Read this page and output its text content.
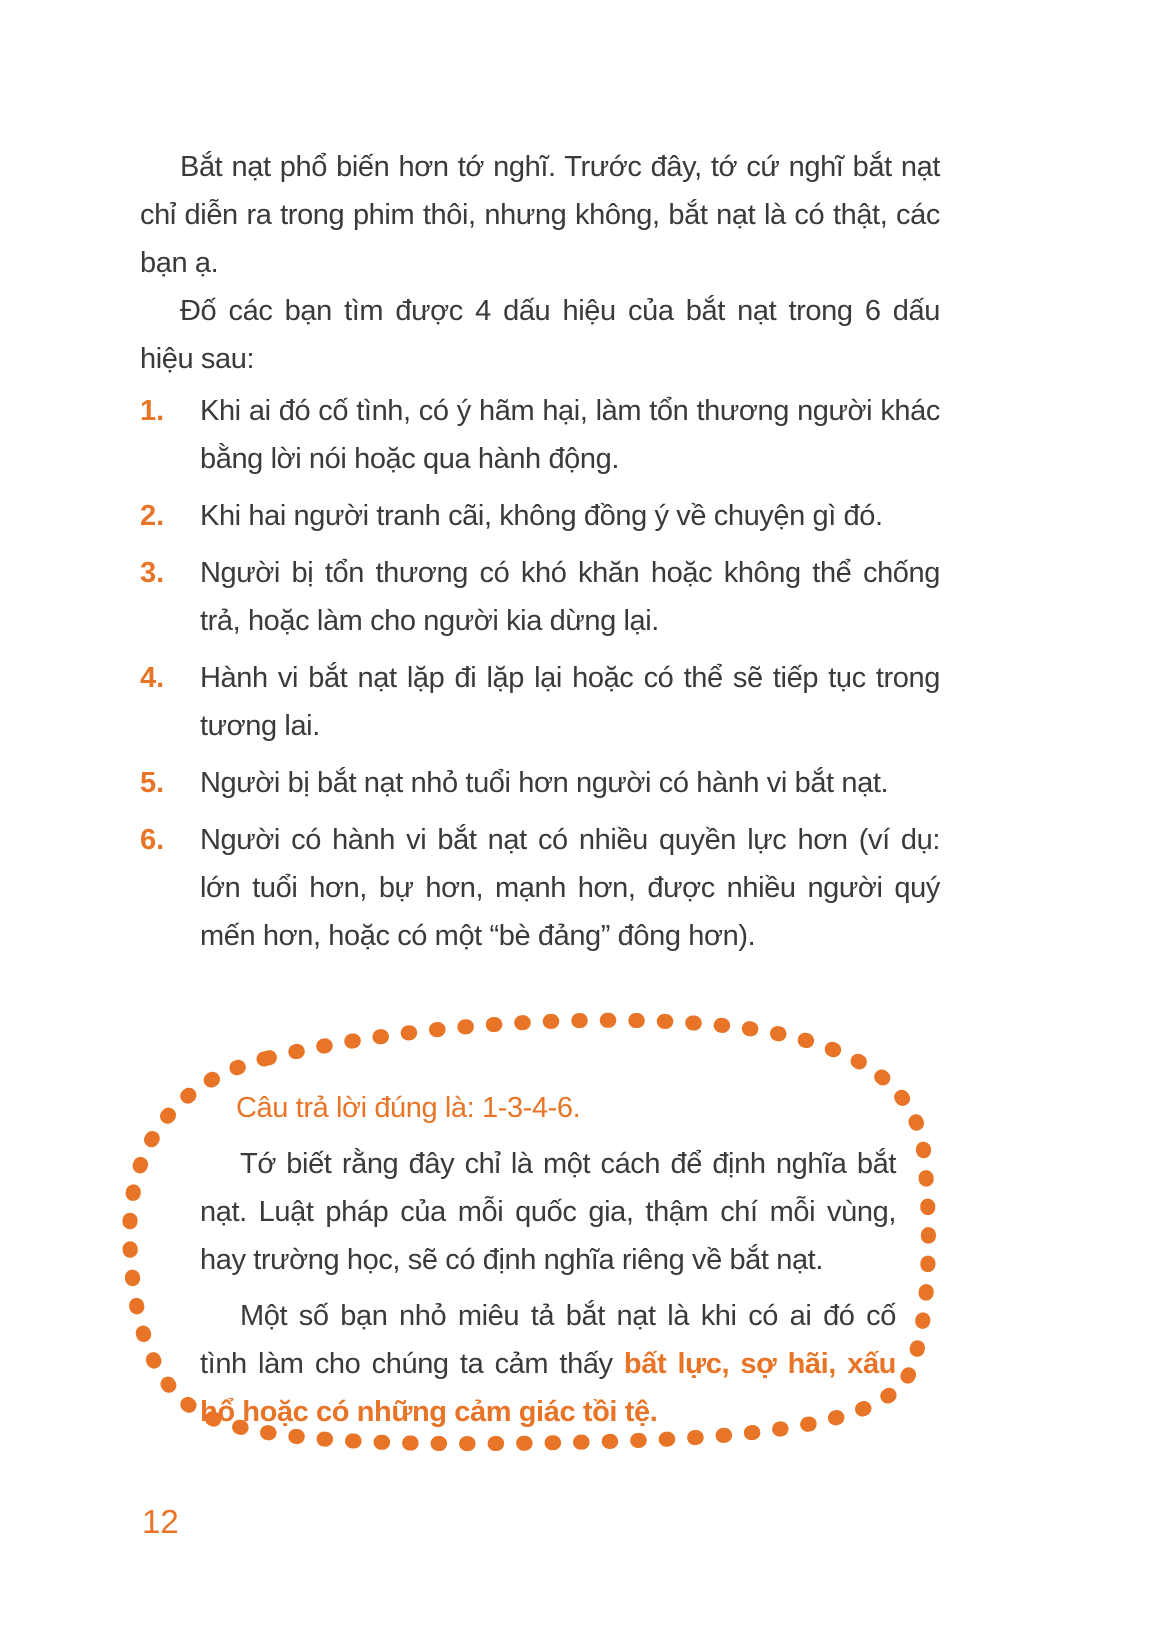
Bắt nạt phổ biến hơn tớ nghĩ. Trước đây, tớ cứ nghĩ bắt nạt chỉ diễn ra trong phim thôi, nhưng không, bắt nạt là có thật, các bạn ạ.

Đố các bạn tìm được 4 dấu hiệu của bắt nạt trong 6 dấu hiệu sau:

1. Khi ai đó cố tình, có ý hãm hại, làm tổn thương người khác bằng lời nói hoặc qua hành động.
2. Khi hai người tranh cãi, không đồng ý về chuyện gì đó.
3. Người bị tổn thương có khó khăn hoặc không thể chống trả, hoặc làm cho người kia dừng lại.
4. Hành vi bắt nạt lặp đi lặp lại hoặc có thể sẽ tiếp tục trong tương lai.
5. Người bị bắt nạt nhỏ tuổi hơn người có hành vi bắt nạt.
6. Người có hành vi bắt nạt có nhiều quyền lực hơn (ví dụ: lớn tuổi hơn, bự hơn, mạnh hơn, được nhiều người quý mến hơn, hoặc có một “bè đảng” đông hơn).

Câu trả lời đúng là: 1-3-4-6.

Tớ biết rằng đây chỉ là một cách để định nghĩa bắt nạt. Luật pháp của mỗi quốc gia, thậm chí mỗi vùng, hay trường học, sẽ có định nghĩa riêng về bắt nạt.

Một số bạn nhỏ miêu tả bắt nạt là khi có ai đó cố tình làm cho chúng ta cảm thấy bất lực, sợ hãi, xấu hổ hoặc có những cảm giác tồi tệ.

12
